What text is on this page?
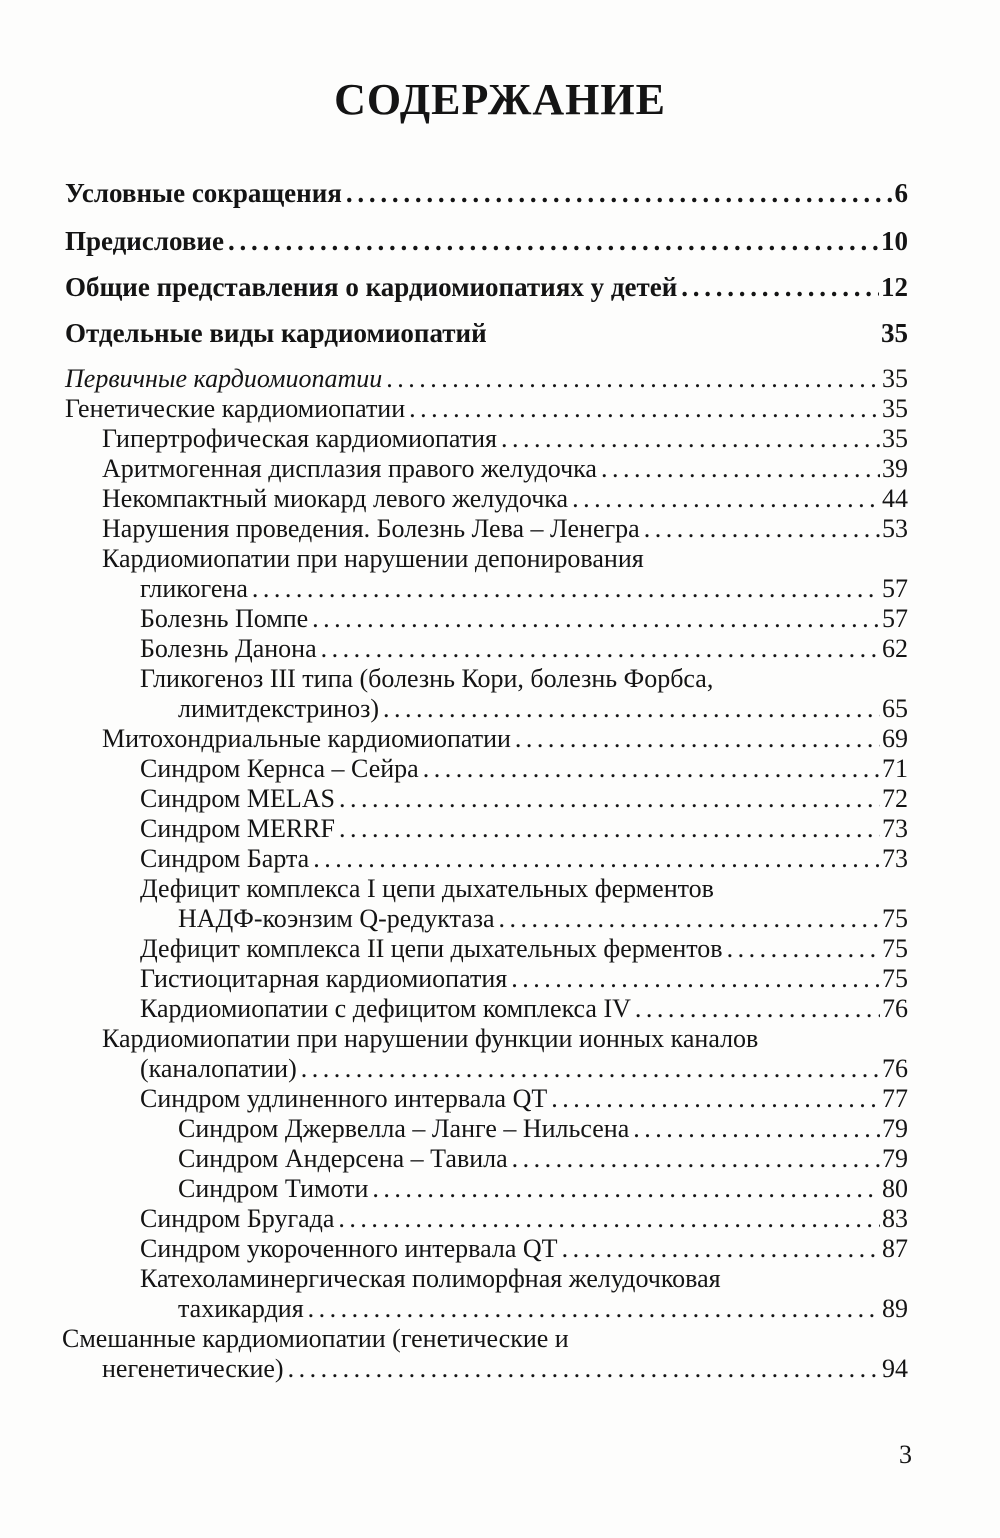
СОДЕРЖАНИЕ
Условные сокращения . . .	6
Предисловие . . .	10
Общие представления о кардиомиопатиях у детей . . .	12
Отдельные виды кардиомиопатий	35
Первичные кардиомиопатии . . .	35
Генетические кардиомиопатии . . .	35
Гипертрофическая кардиомиопатия . . .	35
Аритмогенная дисплазия правого желудочка . . .	39
Некомпактный миокард левого желудочка . . .	44
Нарушения проведения. Болезнь Лева – Ленегра . . .	53
Кардиомиопатии при нарушении депонирования
гликогена . . .	57
Болезнь Помпе . . .	57
Болезнь Данона . . .	62
Гликогеноз III типа (болезнь Кори, болезнь Форбса,
лимитдекстриноз) . . .	65
Митохондриальные кардиомиопатии . . .	69
Синдром Кернса – Сейра . . .	71
Синдром MELAS . . .	72
Синдром MERRF . . .	73
Синдром Барта . . .	73
Дефицит комплекса I цепи дыхательных ферментов
НАДФ-коэнзим Q-редуктаза . . .	75
Дефицит комплекса II цепи дыхательных ферментов . . .	75
Гистиоцитарная кардиомиопатия . . .	75
Кардиомиопатии с дефицитом комплекса IV . . .	76
Кардиомиопатии при нарушении функции ионных каналов
(каналопатии) . . .	76
Синдром удлиненного интервала QT . . .	77
Синдром Джервелла – Ланге – Нильсена . . .	79
Синдром Андерсена – Тавила . . .	79
Синдром Тимоти . . .	80
Синдром Бругада . . .	83
Синдром укороченного интервала QT . . .	87
Катехоламинергическая полиморфная желудочковая
тахикардия . . .	89
Смешанные кардиомиопатии (генетические и
негенетические) . . .	94
3
